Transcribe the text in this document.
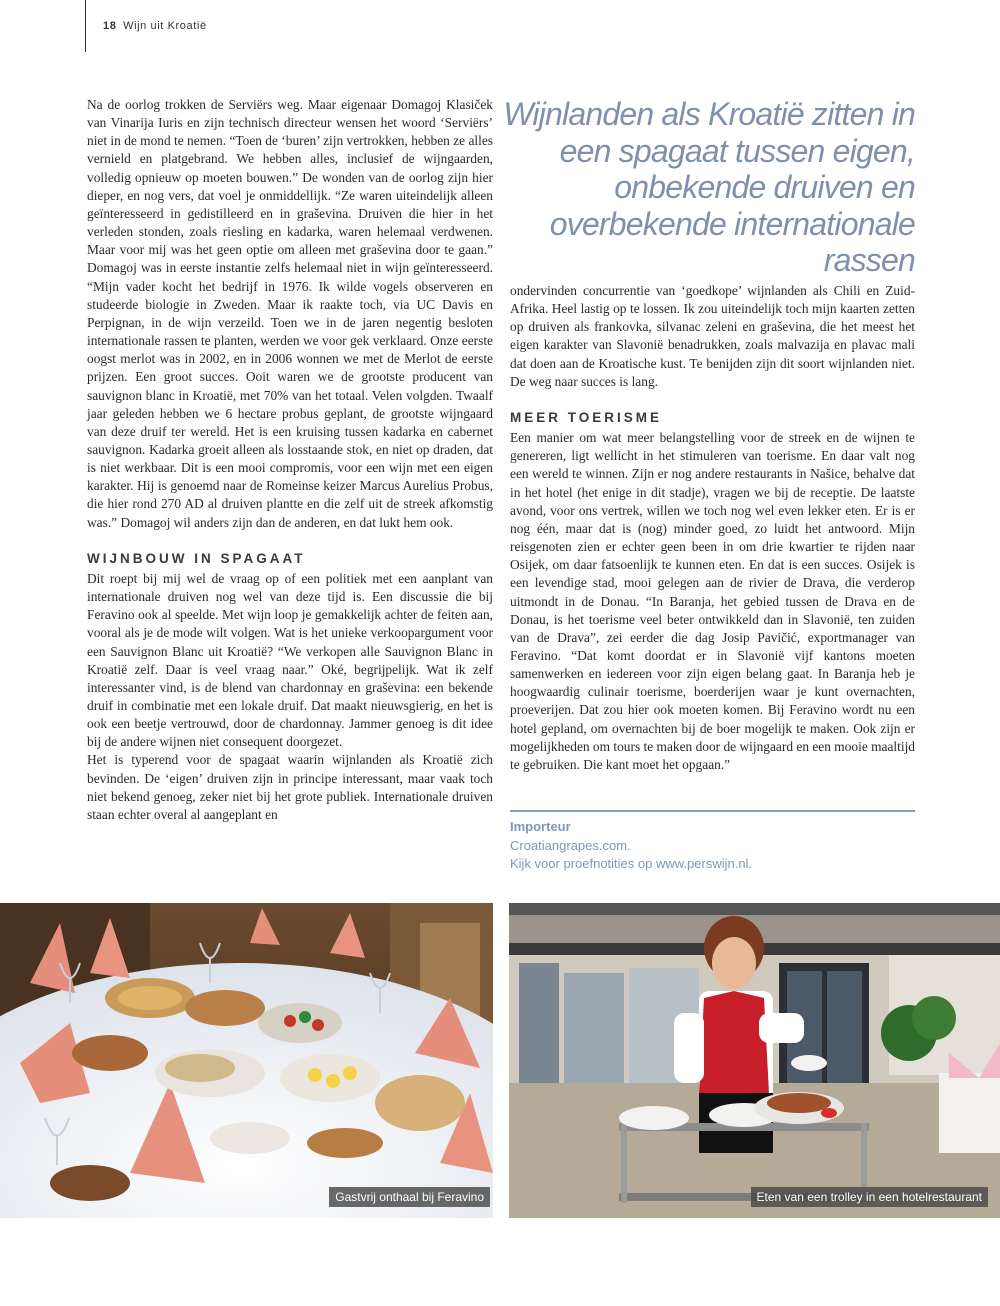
18 Wijn uit Kroatië

Na de oorlog trokken de Serviërs weg. Maar eigenaar Domagoj Klasiček van Vinarija Iuris en zijn technisch directeur wensen het woord ‘Serviërs’ niet in de mond te nemen. “Toen de ‘buren’ zijn vertrokken, hebben ze alles vernield en platgebrand. We hebben alles, inclusief de wijngaarden, volledig opnieuw op moeten bouwen.” De wonden van de oorlog zijn hier dieper, en nog vers, dat voel je onmiddellijk. “Ze waren uiteindelijk alleen geïnteresseerd in gedistilleerd en in graševina. Druiven die hier in het verleden stonden, zoals riesling en kadarka, waren helemaal verdwenen. Maar voor mij was het geen optie om alleen met graševina door te gaan.” Domagoj was in eerste instantie zelfs helemaal niet in wijn geïnteresseerd. “Mijn vader kocht het bedrijf in 1976. Ik wilde vogels observeren en studeerde biologie in Zweden. Maar ik raakte toch, via UC Davis en Perpignan, in de wijn verzeild. Toen we in de jaren negentig besloten internationale rassen te planten, werden we voor gek verklaard. Onze eerste oogst merlot was in 2002, en in 2006 wonnen we met de Merlot de eerste prijzen. Een groot succes. Ooit waren we de grootste producent van sauvignon blanc in Kroatië, met 70% van het totaal. Velen volgden. Twaalf jaar geleden hebben we 6 hectare probus geplant, de grootste wijngaard van deze druif ter wereld. Het is een kruising tussen kadarka en cabernet sauvignon. Kadarka groeit alleen als losstaande stok, en niet op draden, dat is niet werkbaar. Dit is een mooi compromis, voor een wijn met een eigen karakter. Hij is genoemd naar de Romeinse keizer Marcus Aurelius Probus, die hier rond 270 AD al druiven plantte en die zelf uit de streek afkomstig was.” Domagoj wil anders zijn dan de anderen, en dat lukt hem ook.

WIJNBOUW IN SPAGAAT

Dit roept bij mij wel de vraag op of een politiek met een aanplant van internationale druiven nog wel van deze tijd is. Een discussie die bij Feravino ook al speelde. Met wijn loop je gemakkelijk achter de feiten aan, vooral als je de mode wilt volgen. Wat is het unieke verkoopargument voor een Sauvignon Blanc uit Kroatië? “We verkopen alle Sauvignon Blanc in Kroatië zelf. Daar is veel vraag naar.” Oké, begrijpelijk. Wat ik zelf interessanter vind, is de blend van chardonnay en graševina: een bekende druif in combinatie met een lokale druif. Dat maakt nieuwsgierig, en het is ook een beetje vertrouwd, door de chardonnay. Jammer genoeg is dit idee bij de andere wijnen niet consequent doorgezet.

Het is typerend voor de spagaat waarin wijnlanden als Kroatië zich bevinden. De ‘eigen’ druiven zijn in principe interessant, maar vaak toch niet bekend genoeg, zeker niet bij het grote publiek. Internationale druiven staan echter overal al aangeplant en

Wijnlanden als Kroatië zitten in
een spagaat tussen eigen,
onbekende druiven en
overbekende internationale rassen

ondervinden concurrentie van ‘goedkope’ wijnlanden als Chili en Zuid-Afrika. Heel lastig op te lossen. Ik zou uiteindelijk toch mijn kaarten zetten op druiven als frankovka, silvanac zeleni en graševina, die het meest het eigen karakter van Slavonië benadrukken, zoals malvazija en plavac mali dat doen aan de Kroatische kust. Te benijden zijn dit soort wijnlanden niet. De weg naar succes is lang.

MEER TOERISME

Een manier om wat meer belangstelling voor de streek en de wijnen te genereren, ligt wellicht in het stimuleren van toerisme. En daar valt nog een wereld te winnen. Zijn er nog andere restaurants in Našice, behalve dat in het hotel (het enige in dit stadje), vragen we bij de receptie. De laatste avond, voor ons vertrek, willen we toch nog wel even lekker eten. Er is er nog één, maar dat is (nog) minder goed, zo luidt het antwoord. Mijn reisgenoten zien er echter geen been in om drie kwartier te rijden naar Osijek, om daar fatsoenlijk te kunnen eten. En dat is een succes. Osijek is een levendige stad, mooi gelegen aan de rivier de Drava, die verderop uitmondt in de Donau. “In Baranja, het gebied tussen de Drava en de Donau, is het toerisme veel beter ontwikkeld dan in Slavonië, ten zuiden van de Drava”, zei eerder die dag Josip Pavičić, exportmanager van Feravino. “Dat komt doordat er in Slavonië vijf kantons moeten samenwerken en iedereen voor zijn eigen belang gaat. In Baranja heb je hoogwaardig culinair toerisme, boerderijen waar je kunt overnachten, proeverijen. Dat zou hier ook moeten komen. Bij Feravino wordt nu een hotel gepland, om overnachten bij de boer mogelijk te maken. Ook zijn er mogelijkheden om tours te maken door de wijngaard en een mooie maaltijd te gebruiken. Die kant moet het opgaan.”

Importeur
Croatiangrapes.com.
Kijk voor proefnotities op www.perswijn.nl.
Gastvrij onthaal bij Feravino	Eten van een trolley in een hotelrestaurant
